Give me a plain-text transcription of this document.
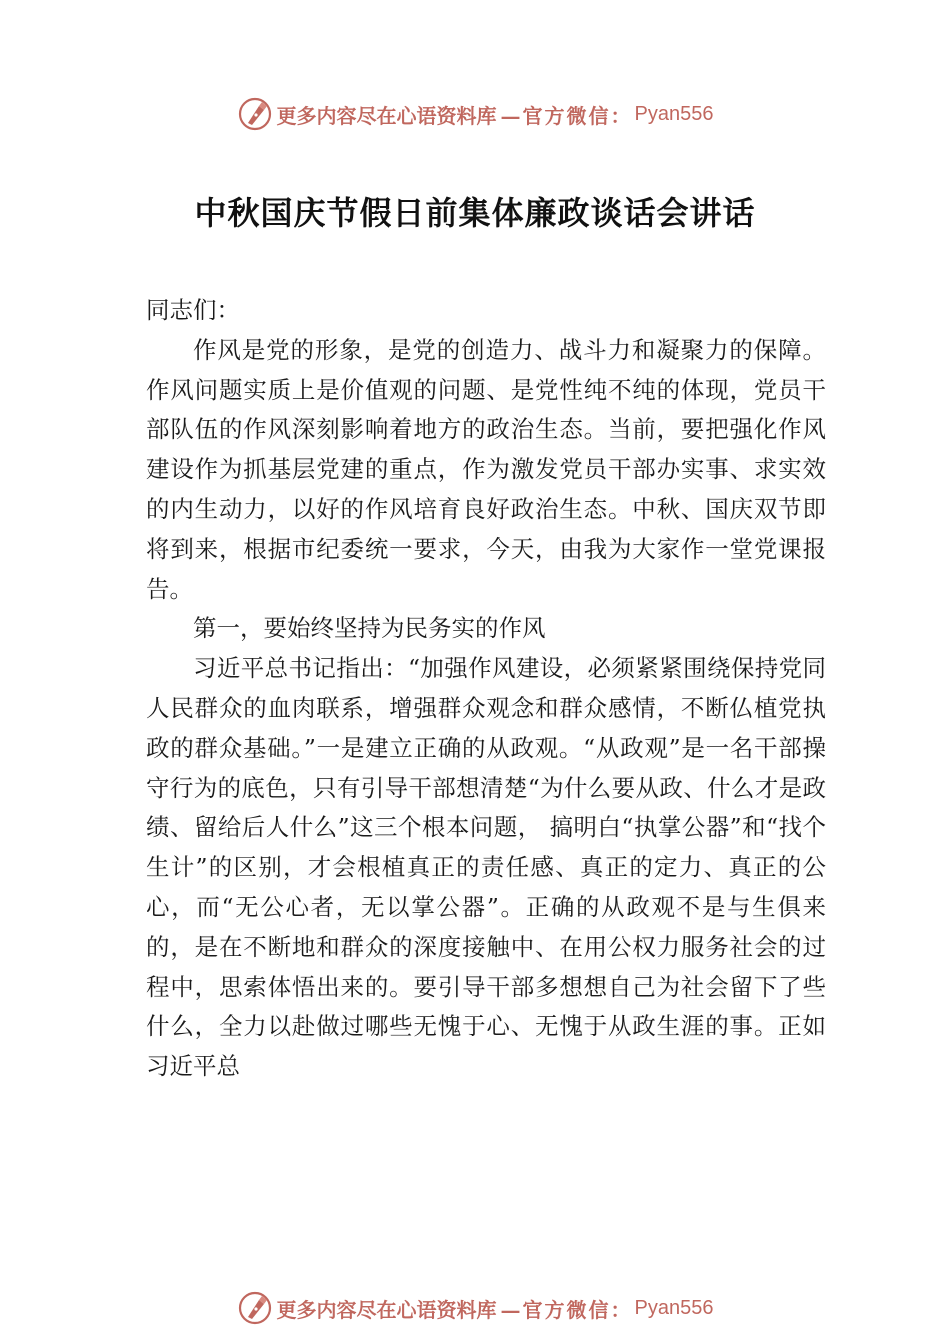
更多内容尽在心语资料库 —官方微信： Pyan556
中秋国庆节假日前集体廉政谈话会讲话

同志们：

作风是党的形象，是党的创造力、战斗力和凝聚力的保障。作风问题实质上是价值观的问题、是党性纯不纯的体现，党员干部队伍的作风深刻影响着地方的政治生态。当前，要把强化作风建设作为抓基层党建的重点，作为激发党员干部办实事、求实效的内生动力，以好的作风培育良好政治生态。中秋、国庆双节即将到来，根据市纪委统一要求，今天，由我为大家作一堂党课报告。

第一，要始终坚持为民务实的作风

习近平总书记指出：“加强作风建设，必须紧紧围绕保持党同人民群众的血肉联系，增强群众观念和群众感情，不断仏植党执政的群众基础。”一是建立正确的从政观。“从政观”是一名干部操守行为的底色，只有引导干部想清楚“为什么要从政、什么才是政绩、留给后人什么”这三个根本问题， 搞明白“执掌公器”和“找个生计”的区别，才会根植真正的责任感、真正的定力、真正的公心，而“无公心者，无以掌公器”。正确的从政观不是与生俱来的，是在不断地和群众的深度接触中、在用公权力服务社会的过程中，思索体悟出来的。要引导干部多想想自己为社会留下了些什么，全力以赴做过哪些无愧于心、无愧于从政生涯的事。正如习近平总

更多内容尽在心语资料库 —官方微信： Pyan556
